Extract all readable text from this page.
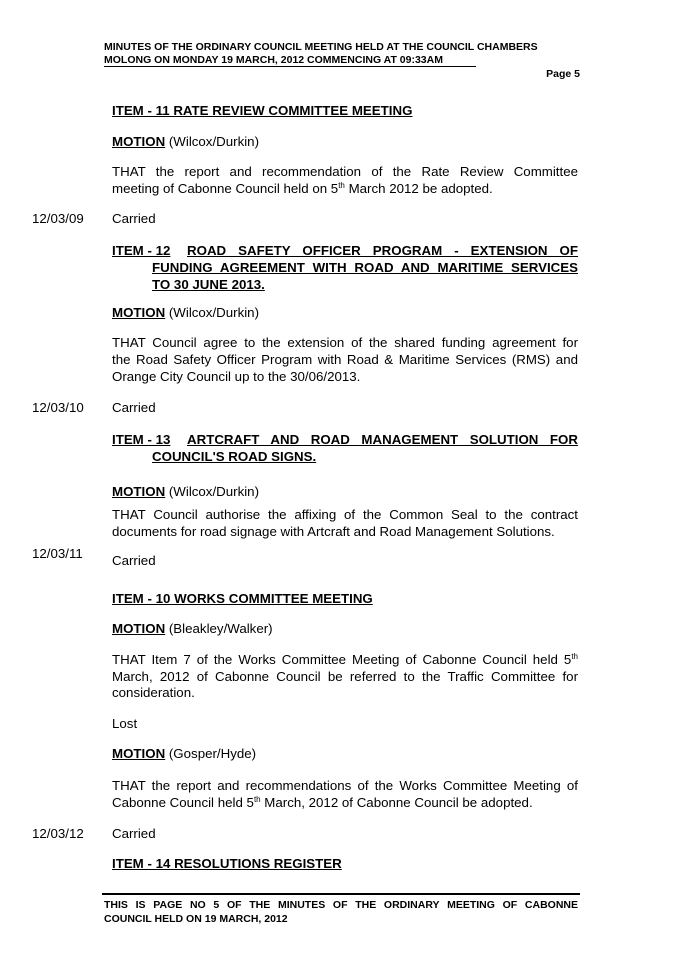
MINUTES OF THE ORDINARY COUNCIL MEETING HELD AT THE COUNCIL CHAMBERS
MOLONG ON MONDAY 19 MARCH, 2012 COMMENCING AT 09:33AM
Page 5
ITEM - 11 RATE REVIEW COMMITTEE MEETING
MOTION (Wilcox/Durkin)
THAT the report and recommendation of the Rate Review Committee
meeting of Cabonne Council held on 5th March 2012 be adopted.
12/03/09 Carried
ITEM - 12 ROAD SAFETY OFFICER PROGRAM - EXTENSION OF
FUNDING AGREEMENT WITH ROAD AND MARITIME SERVICES
TO 30 JUNE 2013.
MOTION (Wilcox/Durkin)
THAT Council agree to the extension of the shared funding agreement for
the Road Safety Officer Program with Road & Maritime Services (RMS) and
Orange City Council up to the 30/06/2013.
12/03/10 Carried
ITEM - 13 ARTCRAFT AND ROAD MANAGEMENT SOLUTION FOR
COUNCIL'S ROAD SIGNS.
MOTION (Wilcox/Durkin)
THAT Council authorise the affixing of the Common Seal to the contract
documents for road signage with Artcraft and Road Management Solutions.
12/03/11 Carried
ITEM - 10 WORKS COMMITTEE MEETING
MOTION (Bleakley/Walker)
THAT Item 7 of the Works Committee Meeting of Cabonne Council held 5th
March, 2012 of Cabonne Council be referred to the Traffic Committee for
consideration.
Lost
MOTION (Gosper/Hyde)
THAT the report and recommendations of the Works Committee Meeting of
Cabonne Council held 5th March, 2012 of Cabonne Council be adopted.
12/03/12 Carried
ITEM - 14 RESOLUTIONS REGISTER
THIS IS PAGE NO 5 OF THE MINUTES OF THE ORDINARY MEETING OF CABONNE
COUNCIL HELD ON 19 MARCH, 2012
